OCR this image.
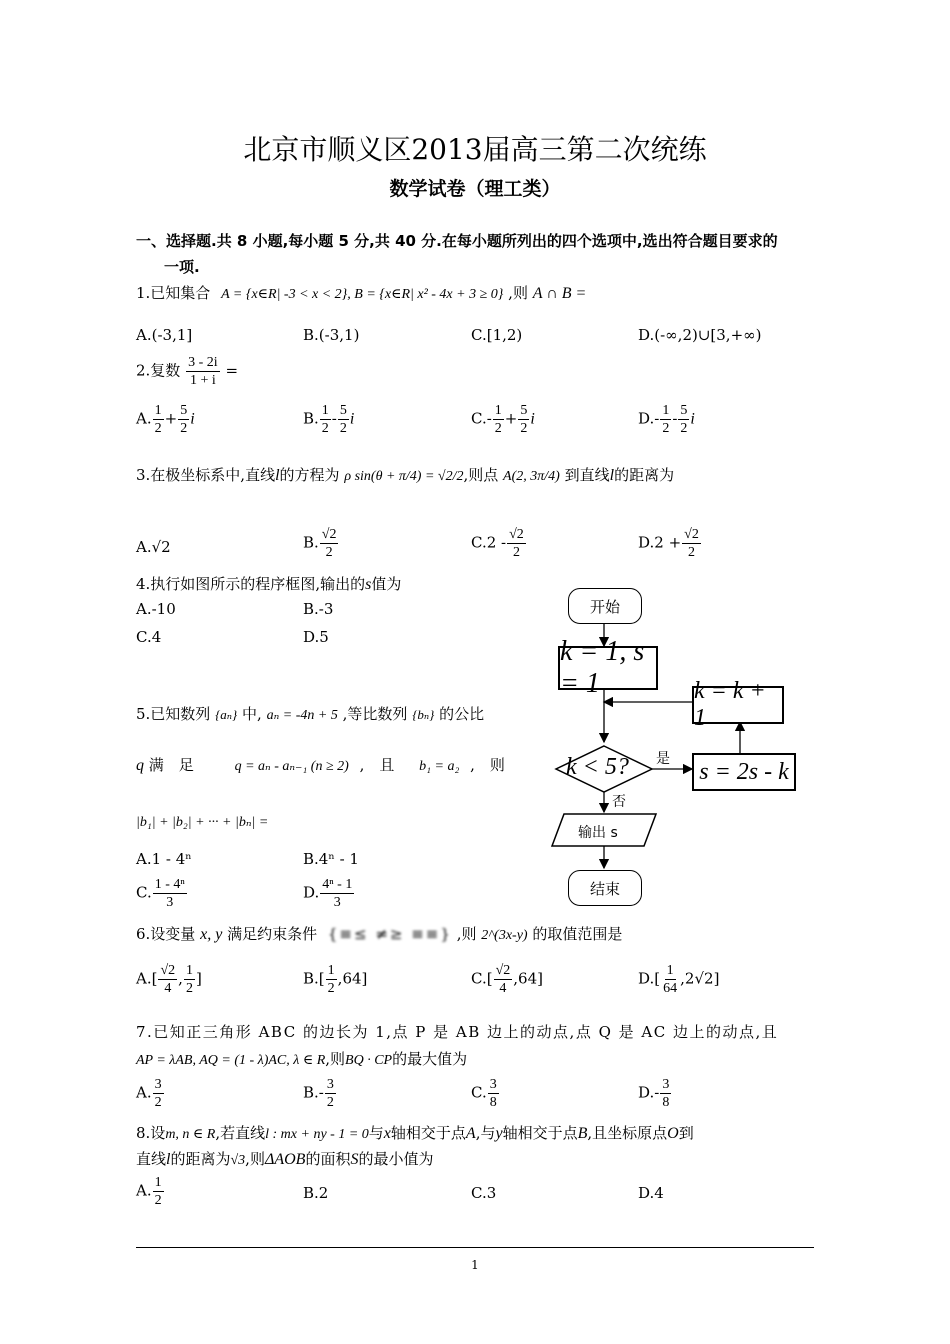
北京市顺义区2013届高三第二次统练
数学试卷（理工类）
一、选择题.共 8 小题,每小题 5 分,共 40 分.在每小题所列出的四个选项中,选出符合题目要求的
一项.
1.已知集合 A = {x∈R| -3 < x < 2}, B = {x∈R| x² - 4x + 3 ≥ 0} ,则 A ∩ B =
A.(-3,1]	B.(-3,1)	C.[1,2)	D.(-∞,2)∪[3,+∞)
2.复数 $\frac{3 - 2i}{1 + i}$ =
A. $\frac{1}{2} + \frac{5}{2}$ i	B. $\frac{1}{2} - \frac{5}{2}$ i	$C.- \frac{1}{2} + \frac{5}{2}$ i	$D.- \frac{1}{2} - \frac{5}{2}$ i
3.在极坐标系中,直线l的方程为 ρ sin(θ + π/4) = √2/2,则点 A(2, 3π/4) 到直线l的距离为
A.√2	B. $\frac{√2}{2}$	$C.2 - \frac{√2}{2}$	$D.2 + \frac{√2}{2}$
4.执行如图所示的程序框图,输出的s值为
A.-10	B.-3
C.4	D.5
5.已知数列 {aₙ} 中, aₙ = -4n + 5 ,等比数列 {bₙ} 的公比
q 满　足	q = aₙ - aₙ₋₁ (n ≥ 2) ,　且 b₁ = a₂ ,　则
|b₁| + |b₂| + ··· + |bₙ| =
A.1 - 4ⁿ	B.4ⁿ - 1
C. $\frac{\text{1 - 4ⁿ}}{3}$	D. $\frac{\text{4ⁿ - 1}}{3}$
6.设变量 x, y 满足约束条件 {≡≤ ≠≥ ≡≡} ,则 2^(3x-y) 的取值范围是
$A.[ \frac{√2}{4}$ , $\frac{1}{2}$ ]	$B.[ \frac{1}{2} ,64]$	$C.[ \frac{√2}{4} ,64]$	$D.[ \frac{1}{64} ,2√2]$
7.已知正三角形 ABC 的边长为 1,点 P 是 AB 边上的动点,点 Q 是 AC 边上的动点,且
AP = λAB, AQ = (1 - λ)AC, λ ∈ R,则BQ · CP的最大值为
A. $\frac{3}{2}$	$B.- \frac{3}{2}$	C. $\frac{3}{8}$	$D.- \frac{3}{8}$
8.设m, n ∈ R,若直线l : mx + ny - 1 = 0与x轴相交于点A,与y轴相交于点B,且坐标原点O到
直线l的距离为√3,则ΔAOB的面积S的最小值为
A. $\frac{1}{2}$	B.2	C.3	D.4
开始
k = 1, s = 1	k = k + 1
s = 2s - k
k < 5? 是
否
输出 s
结束
1
